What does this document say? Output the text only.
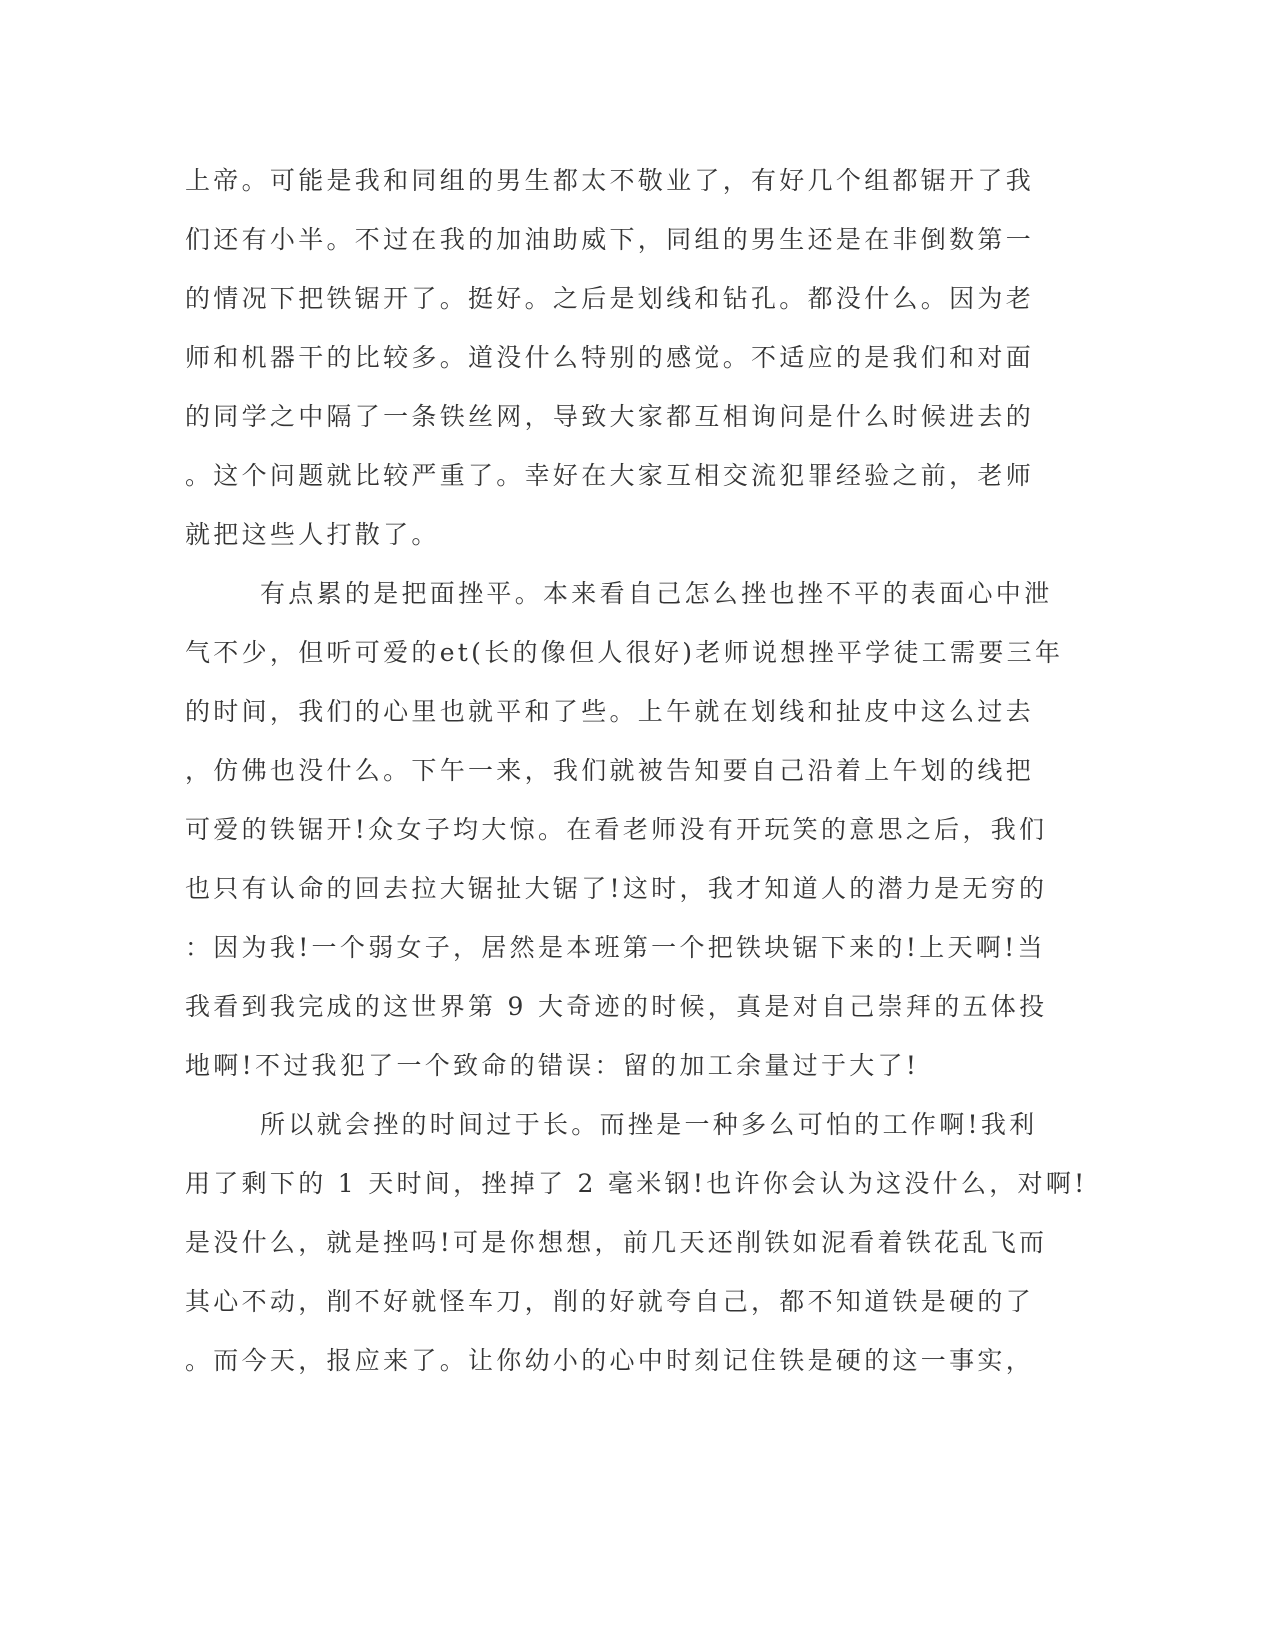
上帝。可能是我和同组的男生都太不敬业了，有好几个组都锯开了我
们还有小半。不过在我的加油助威下，同组的男生还是在非倒数第一
的情况下把铁锯开了。挺好。之后是划线和钻孔。都没什么。因为老
师和机器干的比较多。道没什么特别的感觉。不适应的是我们和对面
的同学之中隔了一条铁丝网，导致大家都互相询问是什么时候进去的
。这个问题就比较严重了。幸好在大家互相交流犯罪经验之前，老师
就把这些人打散了。
有点累的是把面挫平。本来看自己怎么挫也挫不平的表面心中泄
气不少，但听可爱的et(长的像但人很好)老师说想挫平学徒工需要三年
的时间，我们的心里也就平和了些。上午就在划线和扯皮中这么过去
，仿佛也没什么。下午一来，我们就被告知要自己沿着上午划的线把
可爱的铁锯开!众女子均大惊。在看老师没有开玩笑的意思之后，我们
也只有认命的回去拉大锯扯大锯了!这时，我才知道人的潜力是无穷的
：因为我!一个弱女子，居然是本班第一个把铁块锯下来的!上天啊!当
我看到我完成的这世界第 9 大奇迹的时候，真是对自己崇拜的五体投
地啊!不过我犯了一个致命的错误：留的加工余量过于大了!
所以就会挫的时间过于长。而挫是一种多么可怕的工作啊!我利
用了剩下的 1 天时间，挫掉了 2 毫米钢!也许你会认为这没什么，对啊!
是没什么，就是挫吗!可是你想想，前几天还削铁如泥看着铁花乱飞而
其心不动，削不好就怪车刀，削的好就夸自己，都不知道铁是硬的了
。而今天，报应来了。让你幼小的心中时刻记住铁是硬的这一事实，
